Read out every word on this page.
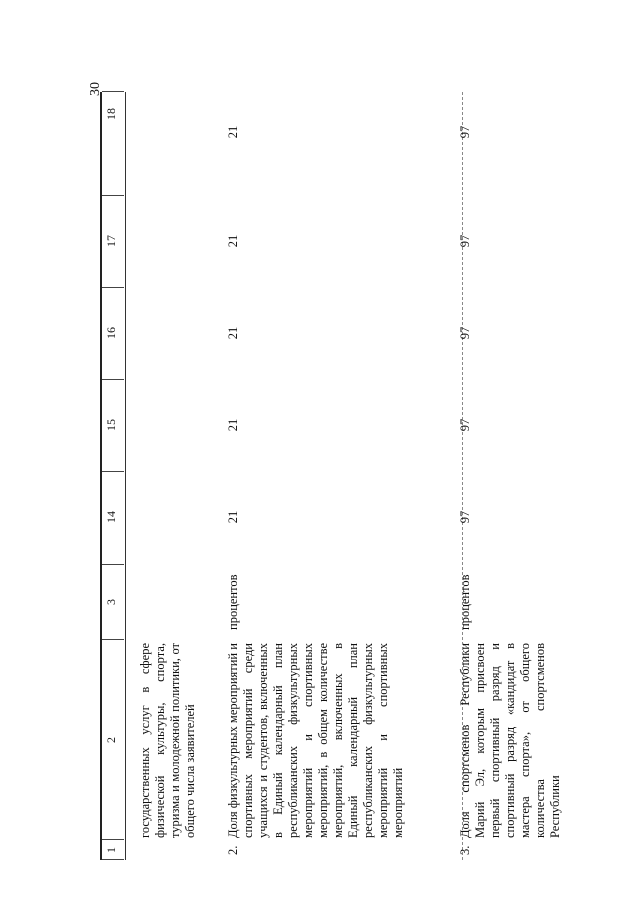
30
1
2
3
14
15
16
17
18
государственных услуг в сфере физической культуры, спорта, туризма и молодежной политики, от общего числа заявителей
2.
Доля физкультурных мероприятий и спортивных мероприятий среди учащихся и студентов, включенных в Единый календарный план республиканских физкультурных мероприятий и спортивных мероприятий, в общем количестве мероприятий, включенных в Единый календарный план республиканских физкультурных мероприятий и спортивных мероприятий
процентов
21
21
21
21
21
3.
Доля спортсменов Республики Марий Эл, которым присвоен первый спортивный разряд и спортивный разряд «кандидат в мастера спорта», от общего количества спортсменов Республики
процентов
97
97
97
97
97
